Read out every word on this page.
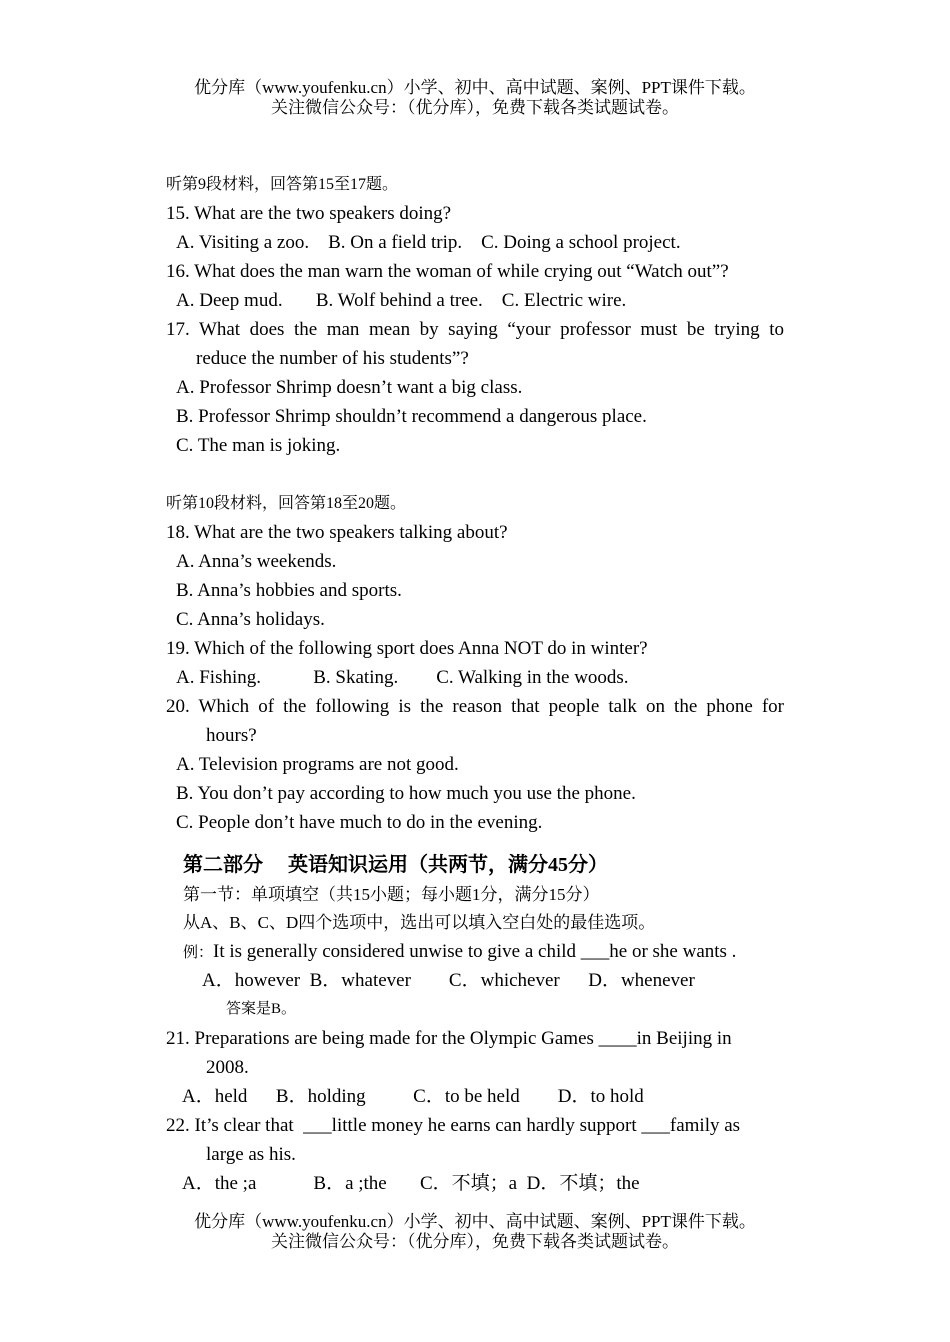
优分库（www.youfenku.cn）小学、初中、高中试题、案例、PPT课件下载。
关注微信公众号：（优分库），免费下载各类试题试卷。
听第9段材料，回答第15至17题。
15. What are the two speakers doing?
A. Visiting a zoo.    B. On a field trip.    C. Doing a school project.
16. What does the man warn the woman of while crying out “Watch out”?
A. Deep mud.       B. Wolf behind a tree.    C. Electric wire.
17. What does the man mean by saying “your professor must be trying to
reduce the number of his students”?
A. Professor Shrimp doesn’t want a big class.
B. Professor Shrimp shouldn’t recommend a dangerous place.
C. The man is joking.
听第10段材料，回答第18至20题。
18. What are the two speakers talking about?
A. Anna’s weekends.
B. Anna’s hobbies and sports.
C. Anna’s holidays.
19. Which of the following sport does Anna NOT do in winter?
A. Fishing.           B. Skating.        C. Walking in the woods.
20. Which of the following is the reason that people talk on the phone for
hours?
A. Television programs are not good.
B. You don’t pay according to how much you use the phone.
C. People don’t have much to do in the evening.
第二部分     英语知识运用（共两节，满分45分）
第一节：单项填空（共15小题；每小题1分，满分15分）
从A、B、C、D四个选项中，选出可以填入空白处的最佳选项。
例：It is generally considered unwise to give a child ___he or she wants .
A．however  B．whatever        C．whichever      D．whenever
答案是B。
21. Preparations are being made for the Olympic Games ____in Beijing in
2008.
A．held      B．holding          C．to be held        D．to hold
22. It’s clear that  ___little money he earns can hardly support ___family as
large as his.
A．the ;a            B．a ;the       C．不填；a  D．不填；the
优分库（www.youfenku.cn）小学、初中、高中试题、案例、PPT课件下载。
关注微信公众号：（优分库），免费下载各类试题试卷。
